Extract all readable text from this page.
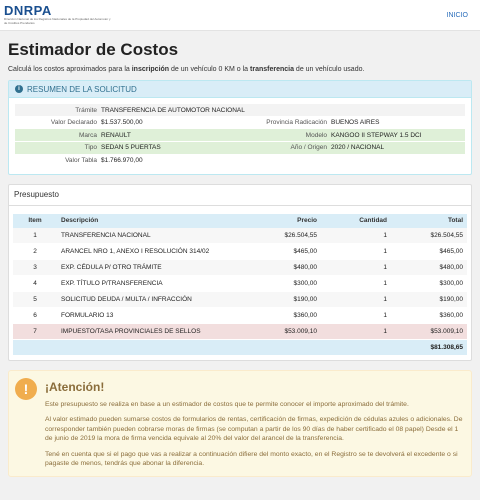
DNRPA
Dirección Nacional de los Registros Nacionales de la Propiedad del Automotor y de Créditos Prendarios
INICIO
Estimador de Costos

Calculá los costos aproximados para la inscripción de un vehículo 0 KM o la transferencia de un vehículo usado.

i RESUMEN DE LA SOLICITUD
Trámite TRANSFERENCIA DE AUTOMOTOR NACIONAL
Valor Declarado $1.537.500,00	Provincia Radicación BUENOS AIRES
Marca RENAULT	Modelo KANGOO II STEPWAY 1.5 DCI
Tipo SEDAN 5 PUERTAS	Año / Origen 2020 / NACIONAL
Valor Tabla $1.766.970,00
Presupuesto
Item	Descripción	Precio	Cantidad	Total
1	TRANSFERENCIA NACIONAL	$26.504,55	1	$26.504,55
2	ARANCEL NRO 1, ANEXO I RESOLUCIÓN 314/02	$465,00	1	$465,00
3	EXP. CÉDULA P/ OTRO TRÁMITE	$480,00	1	$480,00
4	EXP. TÍTULO P/TRANSFERENCIA	$300,00	1	$300,00
5	SOLICITUD DEUDA / MULTA / INFRACCIÓN	$190,00	1	$190,00
6	FORMULARIO 13	$360,00	1	$360,00
7	IMPUESTO/TASA PROVINCIALES DE SELLOS	$53.009,10	1	$53.009,10
				$81.308,65
!	¡Atención!

Este presupuesto se realiza en base a un estimador de costos que te permite conocer el importe aproximado del trámite.

Al valor estimado pueden sumarse costos de formularios de rentas, certificación de firmas, expedición de cédulas azules o adicionales. De corresponder también pueden cobrarse moras de firmas (se computan a partir de los 90 días de haber certificado el 08 papel) Desde el 1 de junio de 2019 la mora de firma vencida equivale al 20% del valor del arancel de la transferencia.

Tené en cuenta que si el pago que vas a realizar a continuación difiere del monto exacto, en el Registro se te devolverá el excedente o si pagaste de menos, tendrás que abonar la diferencia.
